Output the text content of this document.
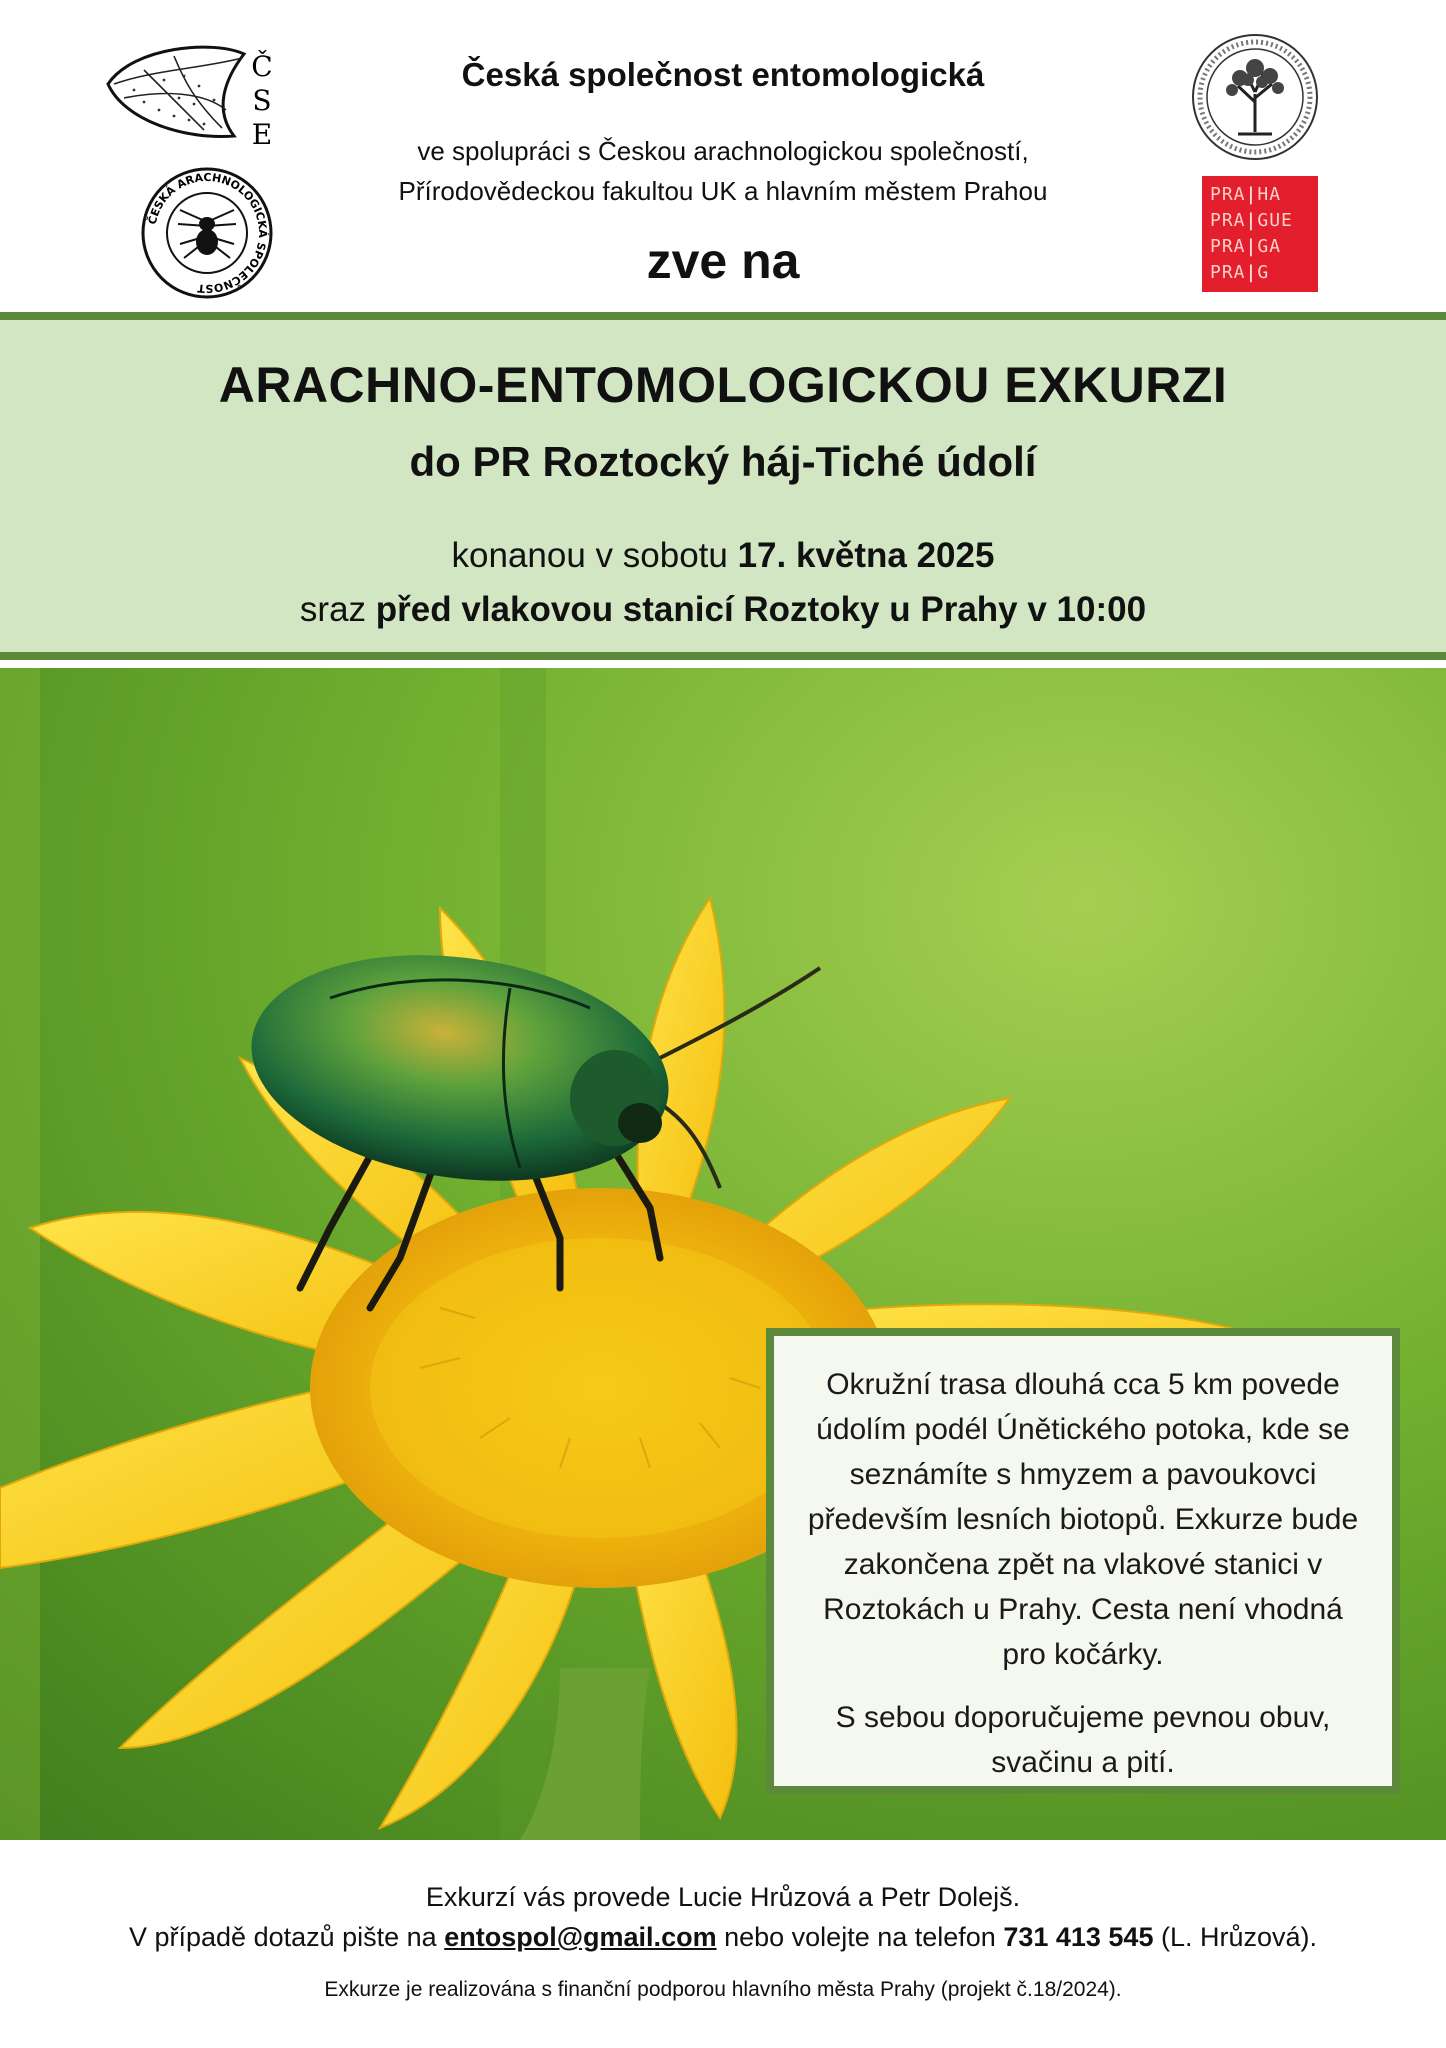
Č
S
E
ČESKÁ ARACHNOLOGICKÁ SPOLEČNOST
PRA|HA
PRA|GUE
PRA|GA
PRA|G
Česká společnost entomologická
ve spolupráci s Českou arachnologickou společností,
Přírodovědeckou fakultou UK a hlavním městem Prahou
zve na
ARACHNO-ENTOMOLOGICKOU EXKURZI
do PR Roztocký háj-Tiché údolí
konanou v sobotu 17. května 2025
sraz před vlakovou stanicí Roztoky u Prahy v 10:00

Okružní trasa dlouhá cca 5 km povede údolím podél Únětického potoka, kde se seznámíte s hmyzem a pavoukovci především lesních biotopů. Exkurze bude zakončena zpět na vlakové stanici v Roztokách u Prahy. Cesta není vhodná pro kočárky.

S sebou doporučujeme pevnou obuv, svačinu a pití.

Exkurzí vás provede Lucie Hrůzová a Petr Dolejš.
V případě dotazů pište na entospol@gmail.com nebo volejte na telefon 731 413 545 (L. Hrůzová).
Exkurze je realizována s finanční podporou hlavního města Prahy (projekt č.18/2024).
